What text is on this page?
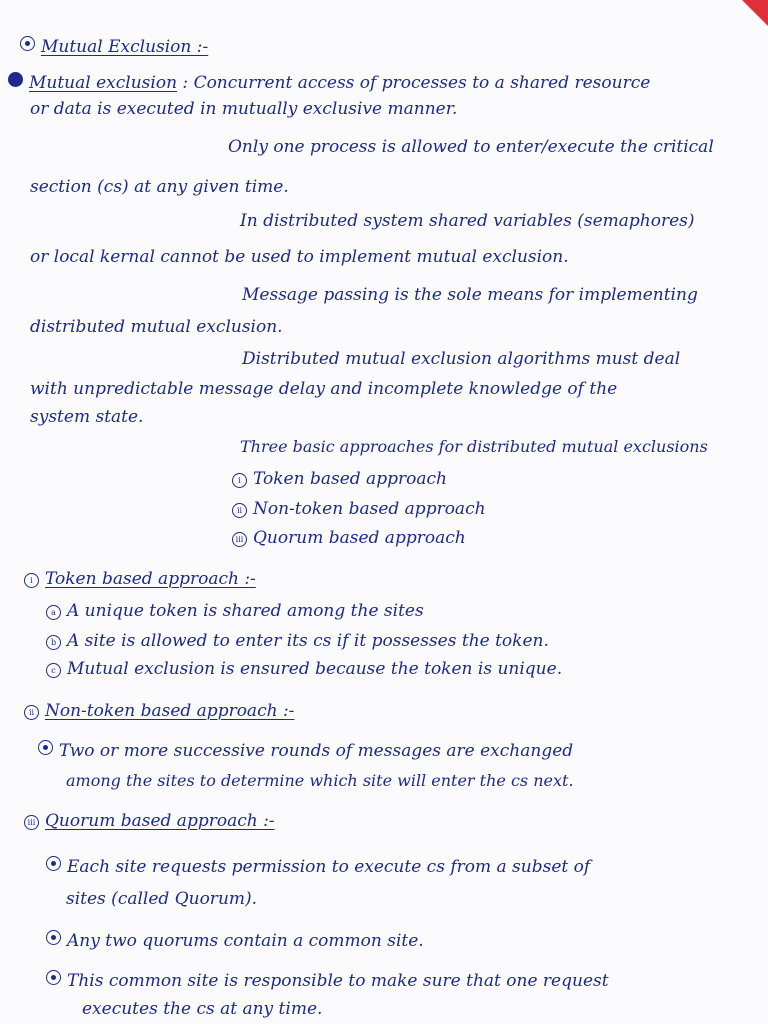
Mutual Exclusion :-
Mutual exclusion : Concurrent access of processes to a shared resource
or data is executed in mutually exclusive manner.
Only one process is allowed to enter/execute the critical
section (cs) at any given time.
In distributed system shared variables (semaphores)
or local kernal cannot be used to implement mutual exclusion.
Message passing is the sole means for implementing
distributed mutual exclusion.
Distributed mutual exclusion algorithms must deal
with unpredictable message delay and incomplete knowledge of the
system state.
Three basic approaches for distributed mutual exclusions
i Token based approach
ii Non-token based approach
iii Quorum based approach
i Token based approach :-
a A unique token is shared among the sites
b A site is allowed to enter its cs if it possesses the token.
c Mutual exclusion is ensured because the token is unique.
ii Non-token based approach :-
Two or more successive rounds of messages are exchanged
among the sites to determine which site will enter the cs next.
iii Quorum based approach :-
Each site requests permission to execute cs from a subset of
sites (called Quorum).
Any two quorums contain a common site.
This common site is responsible to make sure that one request
executes the cs at any time.
